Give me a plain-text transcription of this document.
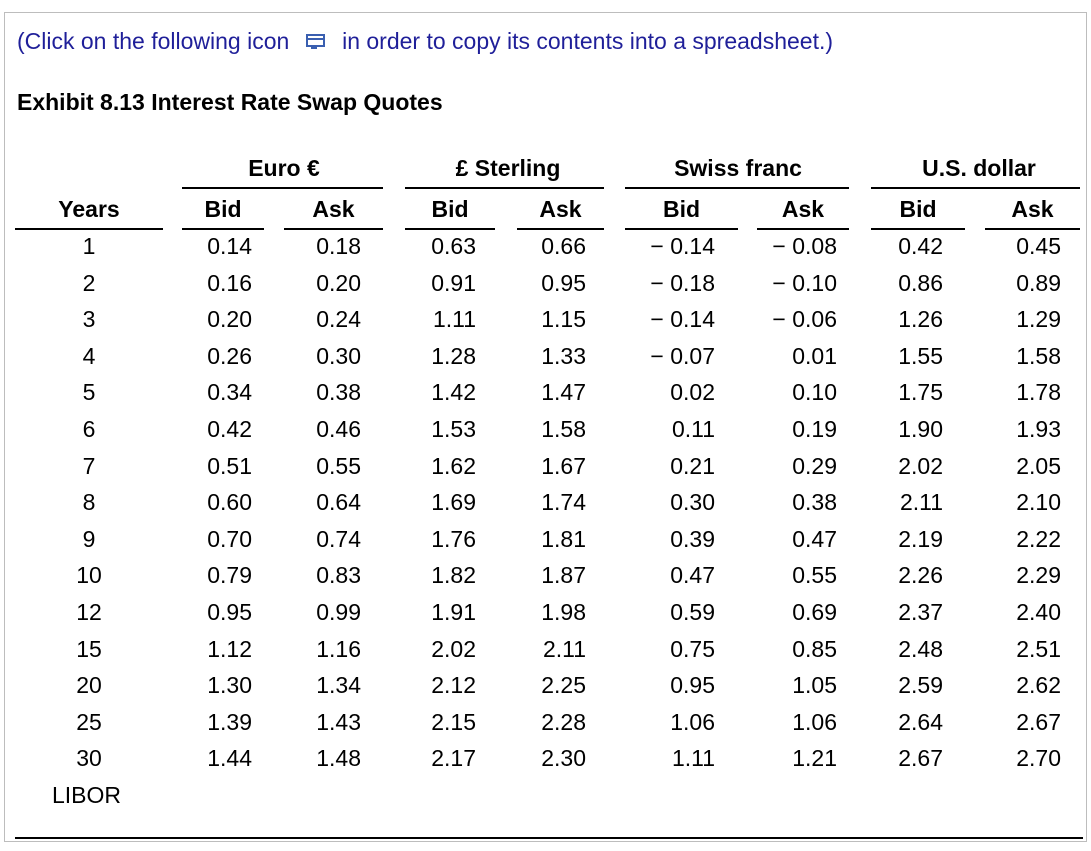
(Click on the following icon in order to copy its contents into a spreadsheet.)
Exhibit 8.13 Interest Rate Swap Quotes
Euro €
Bid	Ask
£ Sterling
Bid	Ask
Swiss franc
Bid	Ask
U.S. dollar
Bid	Ask
Years
1	0.14	0.18	0.63	0.66	− 0.14	− 0.08	0.42	0.45
2	0.16	0.20	0.91	0.95	− 0.18	− 0.10	0.86	0.89
3	0.20	0.24	1.11	1.15	− 0.14	− 0.06	1.26	1.29
4	0.26	0.30	1.28	1.33	− 0.07	0.01	1.55	1.58
5	0.34	0.38	1.42	1.47	0.02	0.10	1.75	1.78
6	0.42	0.46	1.53	1.58	0.11	0.19	1.90	1.93
7	0.51	0.55	1.62	1.67	0.21	0.29	2.02	2.05
8	0.60	0.64	1.69	1.74	0.30	0.38	2.11	2.10
9	0.70	0.74	1.76	1.81	0.39	0.47	2.19	2.22
10	0.79	0.83	1.82	1.87	0.47	0.55	2.26	2.29
12	0.95	0.99	1.91	1.98	0.59	0.69	2.37	2.40
15	1.12	1.16	2.02	2.11	0.75	0.85	2.48	2.51
20	1.30	1.34	2.12	2.25	0.95	1.05	2.59	2.62
25	1.39	1.43	2.15	2.28	1.06	1.06	2.64	2.67
30	1.44	1.48	2.17	2.30	1.11	1.21	2.67	2.70
LIBOR
